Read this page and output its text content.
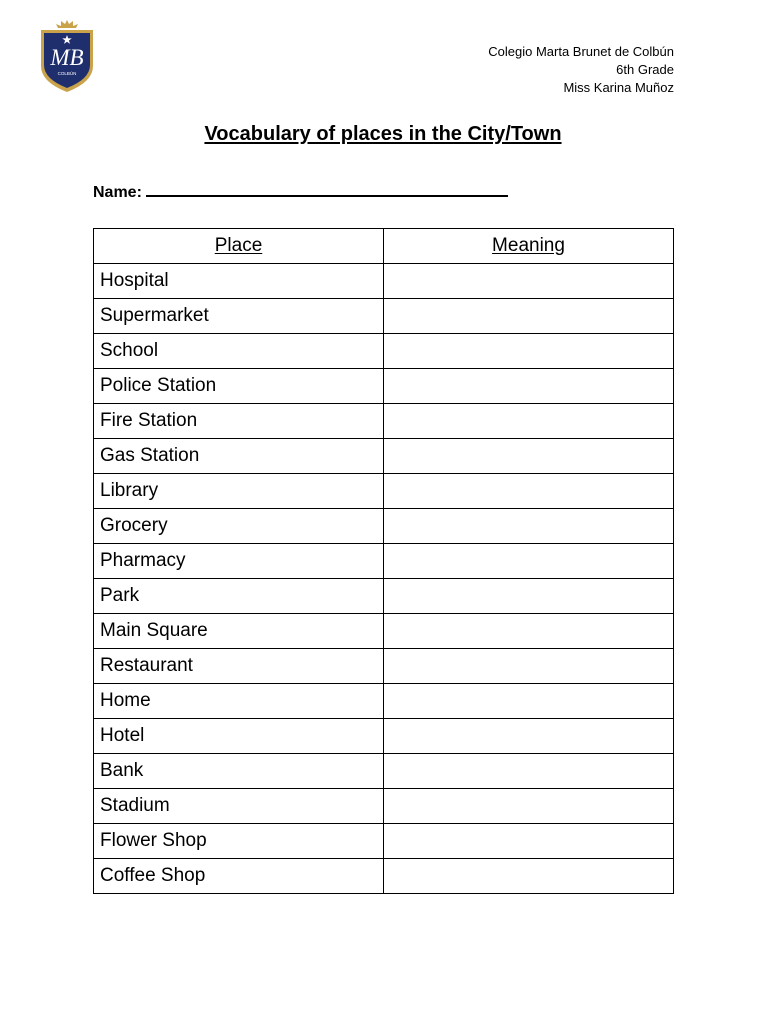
MB
COLBÚN
Colegio Marta Brunet de Colbún
6th Grade
Miss Karina Muñoz
Vocabulary of places in the City/Town
Name:
Place	Meaning
Hospital	
Supermarket	
School	
Police Station	
Fire Station	
Gas Station	
Library	
Grocery	
Pharmacy	
Park	
Main Square	
Restaurant	
Home	
Hotel	
Bank	
Stadium	
Flower Shop	
Coffee Shop	
